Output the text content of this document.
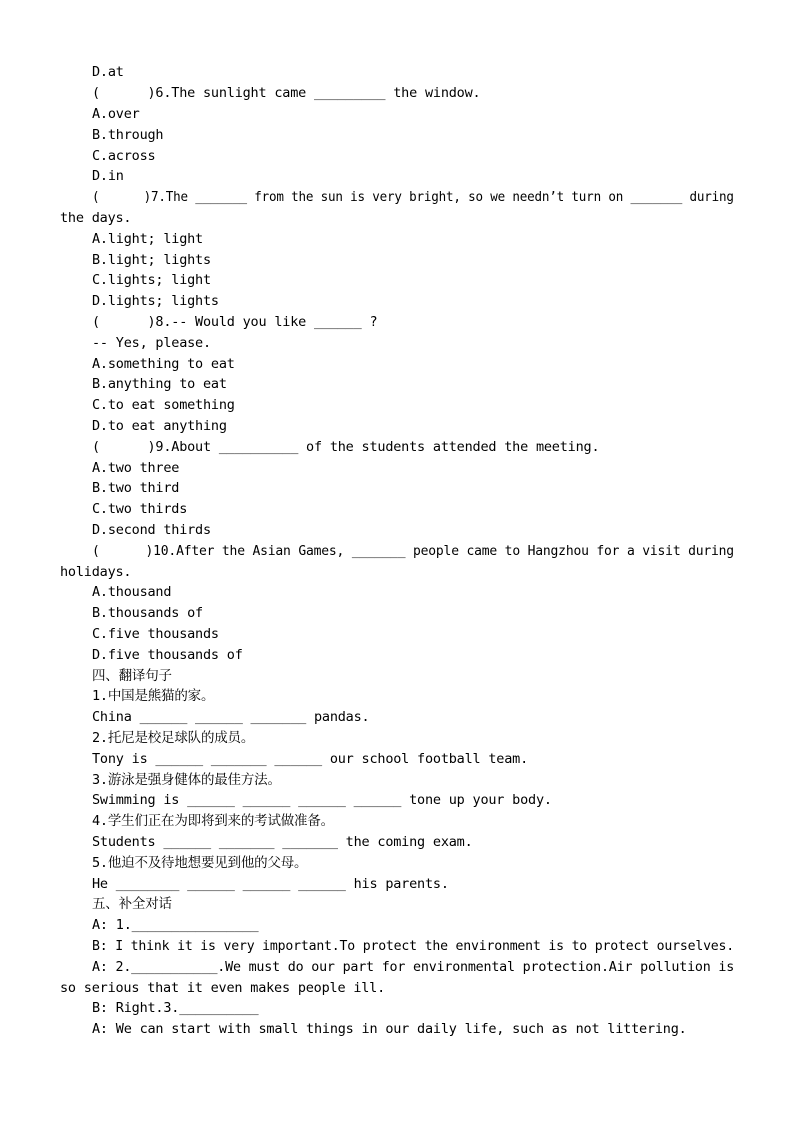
D.at
(      )6.The sunlight came _________ the window.
A.over
B.through
C.across
D.in
(      )7.The _______ from the sun is very bright, so we needn’t turn on _______ during
the days.
A.light; light
B.light; lights
C.lights; light
D.lights; lights
(      )8.-- Would you like ______ ?
-- Yes, please.
A.something to eat
B.anything to eat
C.to eat something
D.to eat anything
(      )9.About __________ of the students attended the meeting.
A.two three
B.two third
C.two thirds
D.second thirds
(      )10.After the Asian Games, _______ people came to Hangzhou for a visit during
holidays.
A.thousand
B.thousands of
C.five thousands
D.five thousands of
四、翻译句子
1.中国是熊猫的家。
China ______ ______ _______ pandas.
2.托尼是校足球队的成员。
Tony is ______ _______ ______ our school football team.
3.游泳是强身健体的最佳方法。
Swimming is ______ ______ ______ ______ tone up your body.
4.学生们正在为即将到来的考试做准备。
Students ______ _______ _______ the coming exam.
5.他迫不及待地想要见到他的父母。
He ________ ______ ______ ______ his parents.
五、补全对话
A: 1.________________
B: I think it is very important.To protect the environment is to protect ourselves.
A: 2.___________.We must do our part for environmental protection.Air pollution is
so serious that it even makes people ill.
B: Right.3.__________
A: We can start with small things in our daily life, such as not littering.
